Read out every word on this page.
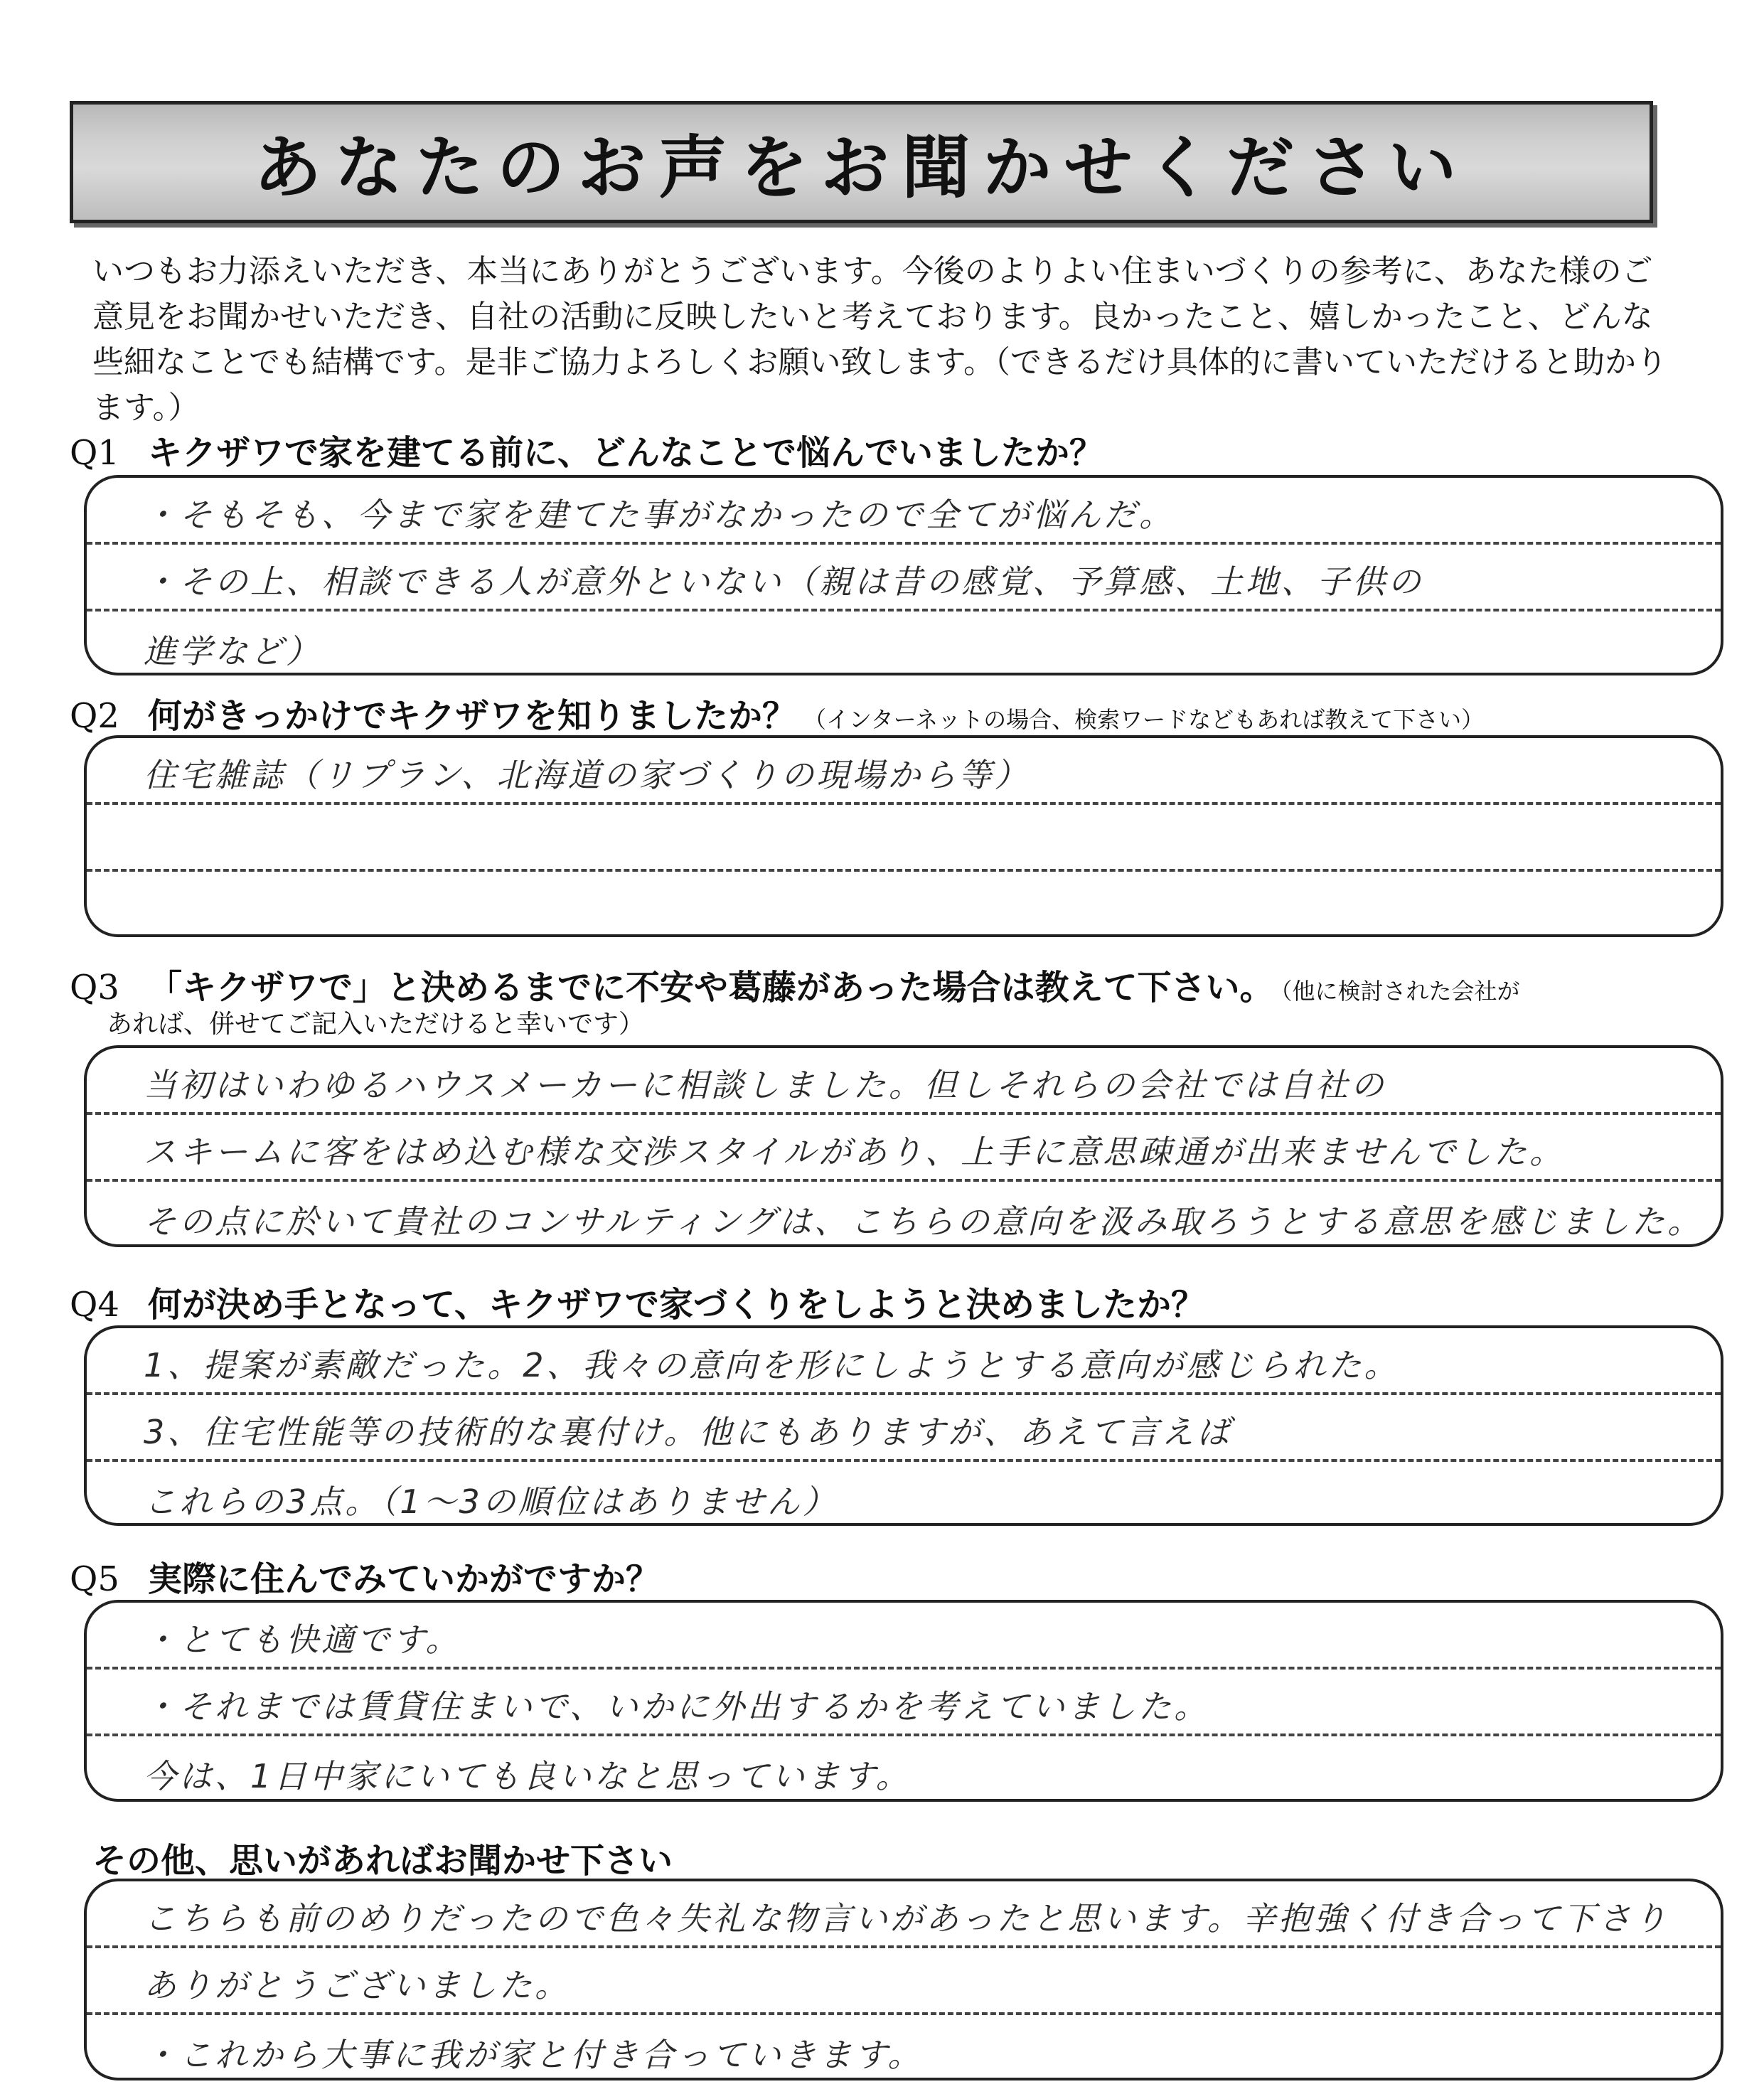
あなたのお声をお聞かせください
いつもお力添えいただき、本当にありがとうございます。今後のよりよい住まいづくりの参考に、あなた様のご意見をお聞かせいただき、自社の活動に反映したいと考えております。良かったこと、嬉しかったこと、どんな些細なことでも結構です。是非ご協力よろしくお願い致します。（できるだけ具体的に書いていただけると助かります。）
Q1 キクザワで家を建てる前に、どんなことで悩んでいましたか？
・そもそも、今まで家を建てた事がなかったので全てが悩んだ。
・その上、相談できる人が意外といない（親は昔の感覚、予算感、土地、子供の
進学など）
Q2 何がきっかけでキクザワを知りましたか？ （インターネットの場合、検索ワードなどもあれば教えて下さい）
住宅雑誌（リプラン、北海道の家づくりの現場から等）
Q3 「キクザワで」と決めるまでに不安や葛藤があった場合は教えて下さい。 （他に検討された会社が
あれば、併せてご記入いただけると幸いです）
当初はいわゆるハウスメーカーに相談しました。但しそれらの会社では自社の
スキームに客をはめ込む様な交渉スタイルがあり、上手に意思疎通が出来ませんでした。
その点に於いて貴社のコンサルティングは、こちらの意向を汲み取ろうとする意思を感じました。
Q4 何が決め手となって、キクザワで家づくりをしようと決めましたか？
1、提案が素敵だった。2、我々の意向を形にしようとする意向が感じられた。
3、住宅性能等の技術的な裏付け。他にもありますが、あえて言えば
これらの3点。（1〜3の順位はありません）
Q5 実際に住んでみていかがですか？
・とても快適です。
・それまでは賃貸住まいで、いかに外出するかを考えていました。
今は、1日中家にいても良いなと思っています。
その他、思いがあればお聞かせ下さい
こちらも前のめりだったので色々失礼な物言いがあったと思います。辛抱強く付き合って下さり
ありがとうございました。
・これから大事に我が家と付き合っていきます。
